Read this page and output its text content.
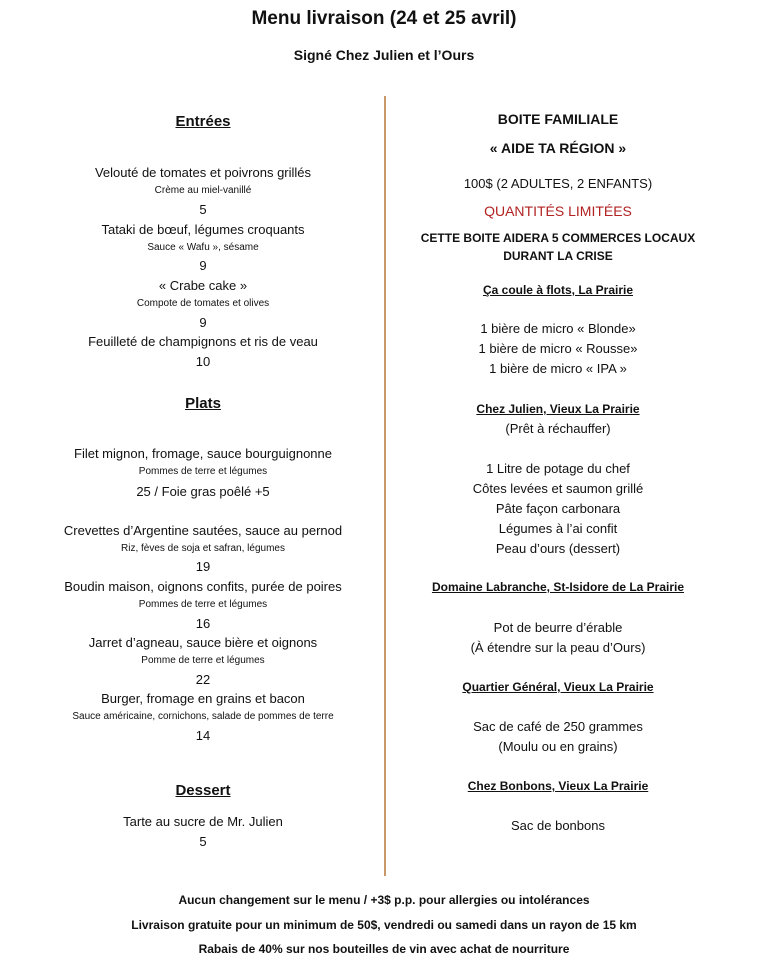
Menu livraison (24 et 25 avril)
Signé Chez Julien et l’Ours
Entrées
Velouté de tomates et poivrons grillés
Crème au miel-vanillé
5
Tataki de bœuf, légumes croquants
Sauce « Wafu », sésame
9
« Crabe cake »
Compote de tomates et olives
9
Feuilleté de champignons et ris de veau
10
Plats
Filet mignon, fromage, sauce bourguignonne
Pommes de terre et légumes
25 / Foie gras poêlé +5
Crevettes d’Argentine sautées, sauce au pernod
Riz, fèves de soja et safran, légumes
19
Boudin maison, oignons confits, purée de poires
Pommes de terre et légumes
16
Jarret d’agneau, sauce bière et oignons
Pomme de terre et légumes
22
Burger, fromage en grains et bacon
Sauce américaine, cornichons, salade de pommes de terre
14
Dessert
Tarte au sucre de Mr. Julien
5
BOITE FAMILIALE
« AIDE TA RÉGION »
100$ (2 ADULTES, 2 ENFANTS)
QUANTITÉS LIMITÉES
CETTE BOITE AIDERA 5 COMMERCES LOCAUX
DURANT LA CRISE
Ça coule à flots, La Prairie
1 bière de micro « Blonde»
1 bière de micro « Rousse»
1 bière de micro « IPA »
Chez Julien, Vieux La Prairie
(Prêt à réchauffer)
1 Litre de potage du chef
Côtes levées et saumon grillé
Pâte façon carbonara
Légumes à l’ai confit
Peau d’ours (dessert)
Domaine Labranche, St-Isidore de La Prairie
Pot de beurre d’érable
(À étendre sur la peau d’Ours)
Quartier Général, Vieux La Prairie
Sac de café de 250 grammes
(Moulu ou en grains)
Chez Bonbons, Vieux La Prairie
Sac de bonbons
Aucun changement sur le menu / +3$ p.p. pour allergies ou intolérances
Livraison gratuite pour un minimum de 50$, vendredi ou samedi dans un rayon de 15 km
Rabais de 40% sur nos bouteilles de vin avec achat de nourriture
